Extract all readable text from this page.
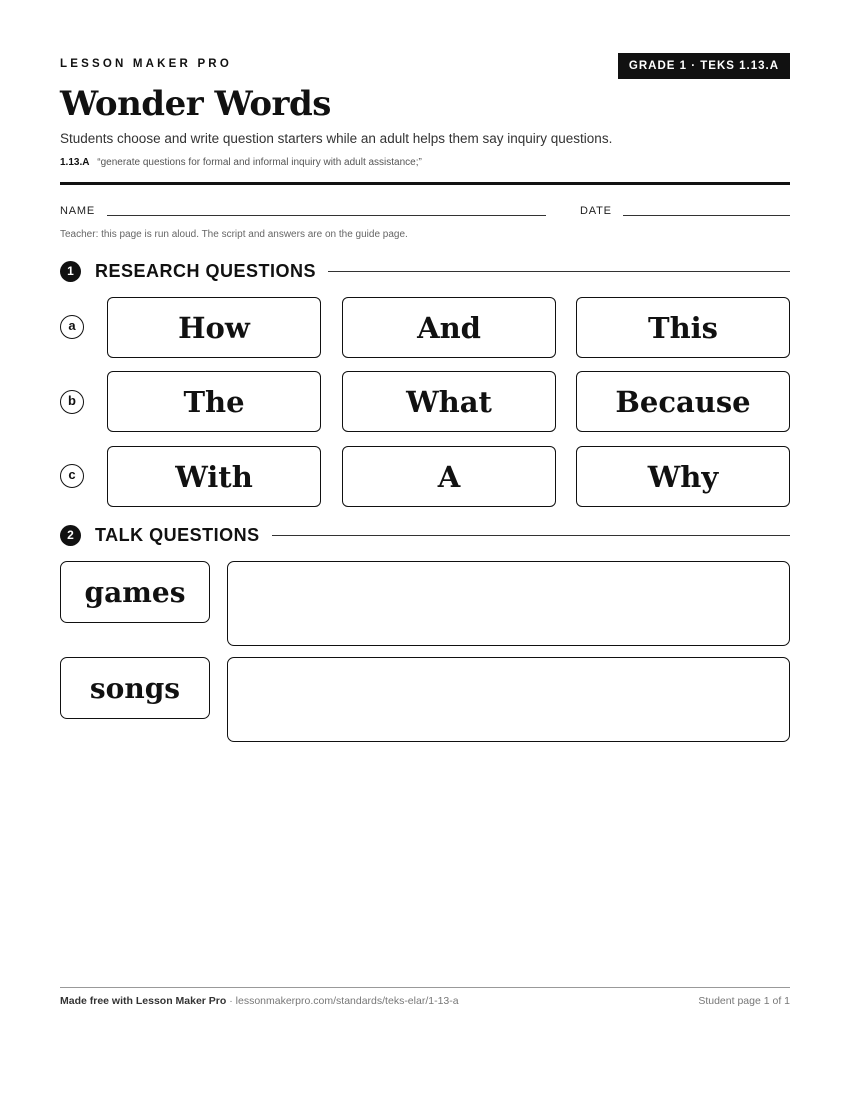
LESSON MAKER PRO	GRADE 1 · TEKS 1.13.A
Wonder Words
Students choose and write question starters while an adult helps them say inquiry questions.
1.13.A “generate questions for formal and informal inquiry with adult assistance;”
NAME	DATE
Teacher: this page is run aloud. The script and answers are on the guide page.
1	RESEARCH QUESTIONS
a	How	And	This
b	The	What	Because
c	With	A	Why
2	TALK QUESTIONS
games
songs
Made free with Lesson Maker Pro · lessonmakerpro.com/standards/teks-elar/1-13-a	Student page 1 of 1
